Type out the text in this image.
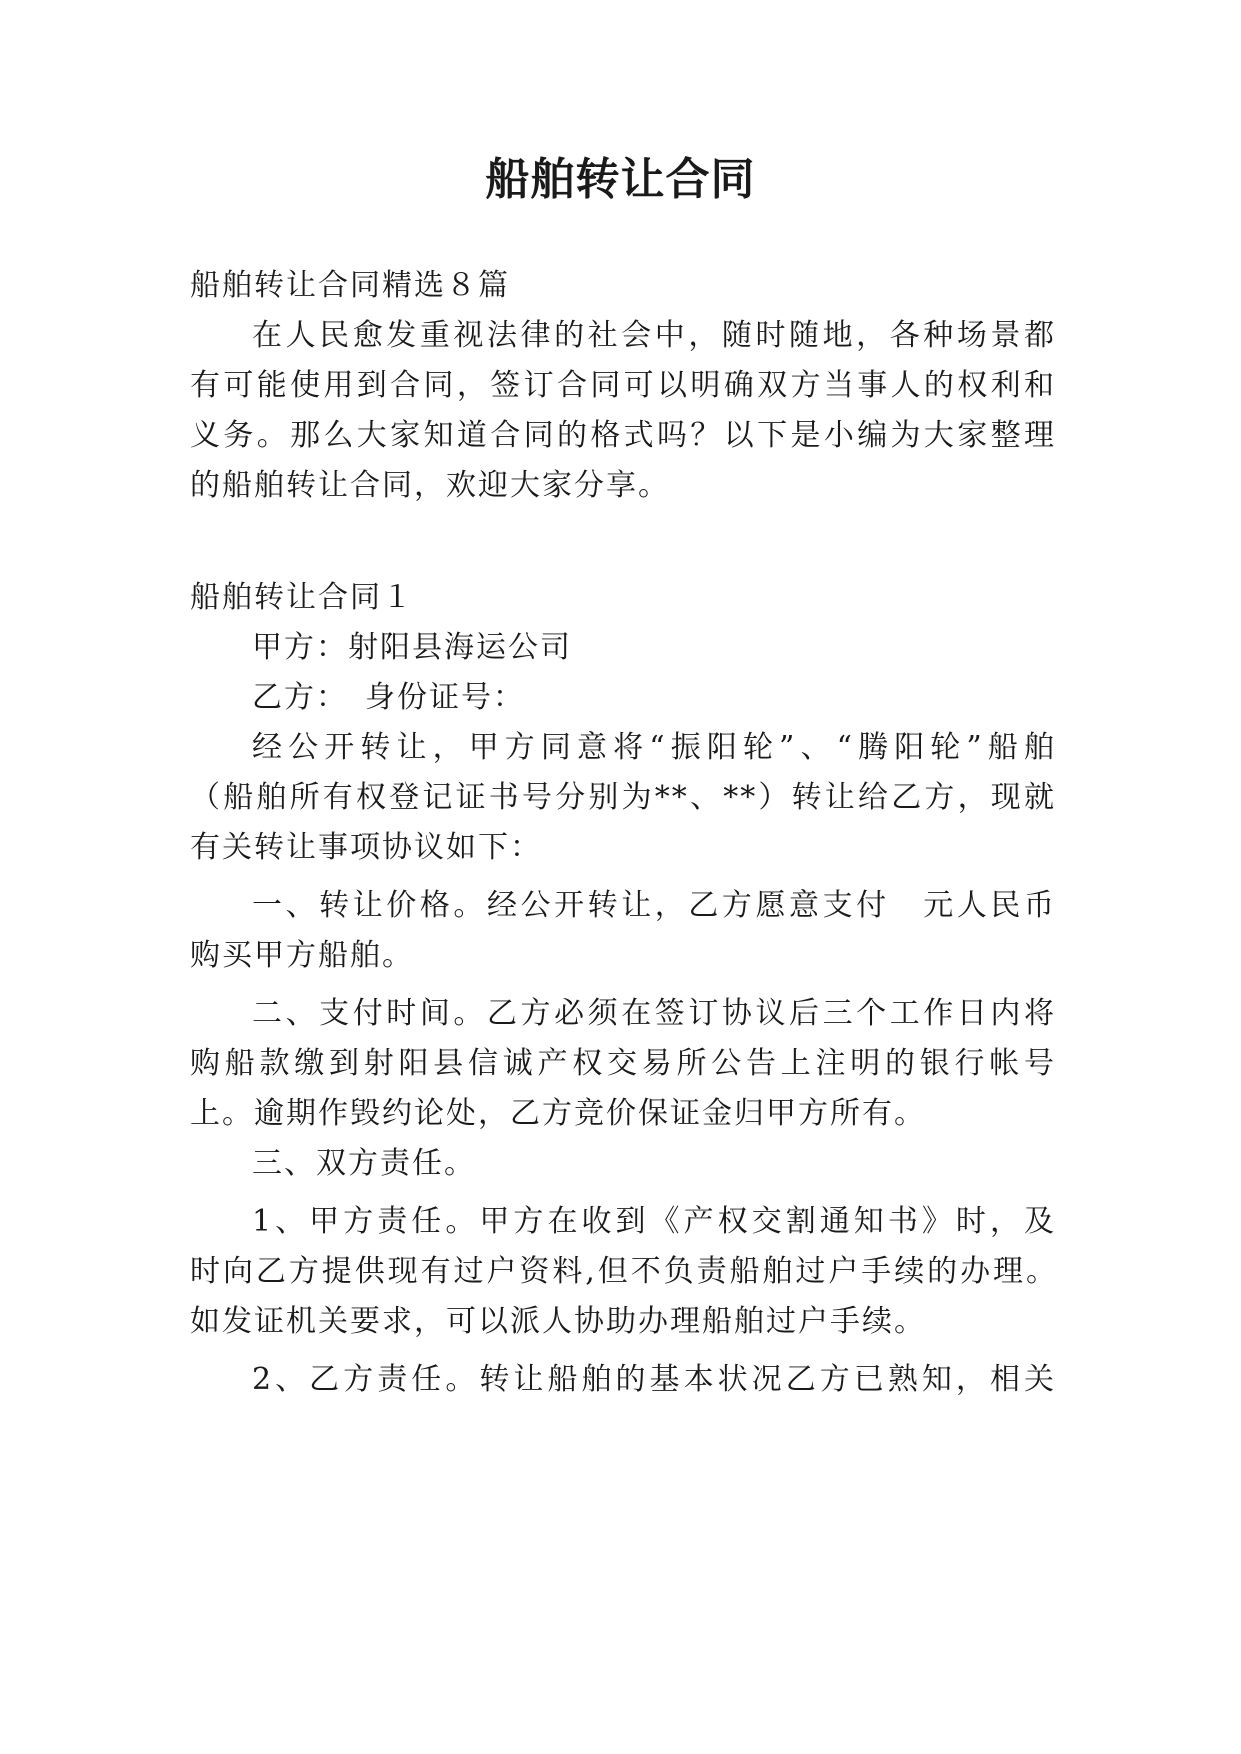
船舶转让合同
船舶转让合同精选８篇
在人民愈发重视法律的社会中，随时随地，各种场景都
有可能使用到合同，签订合同可以明确双方当事人的权利和
义务。那么大家知道合同的格式吗？以下是小编为大家整理
的船舶转让合同，欢迎大家分享。
船舶转让合同１
甲方：射阳县海运公司
乙方：　身份证号：
经公开转让，甲方同意将“振阳轮”、“腾阳轮”船舶
（船舶所有权登记证书号分别为**、**）转让给乙方，现就
有关转让事项协议如下：
一、转让价格。经公开转让，乙方愿意支付　元人民币
购买甲方船舶。
二、支付时间。乙方必须在签订协议后三个工作日内将
购船款缴到射阳县信诚产权交易所公告上注明的银行帐号
上。逾期作毁约论处，乙方竞价保证金归甲方所有。
三、双方责任。
1、甲方责任。甲方在收到《产权交割通知书》时，及
时向乙方提供现有过户资料,但不负责船舶过户手续的办理。
如发证机关要求，可以派人协助办理船舶过户手续。
2、乙方责任。转让船舶的基本状况乙方已熟知，相关
